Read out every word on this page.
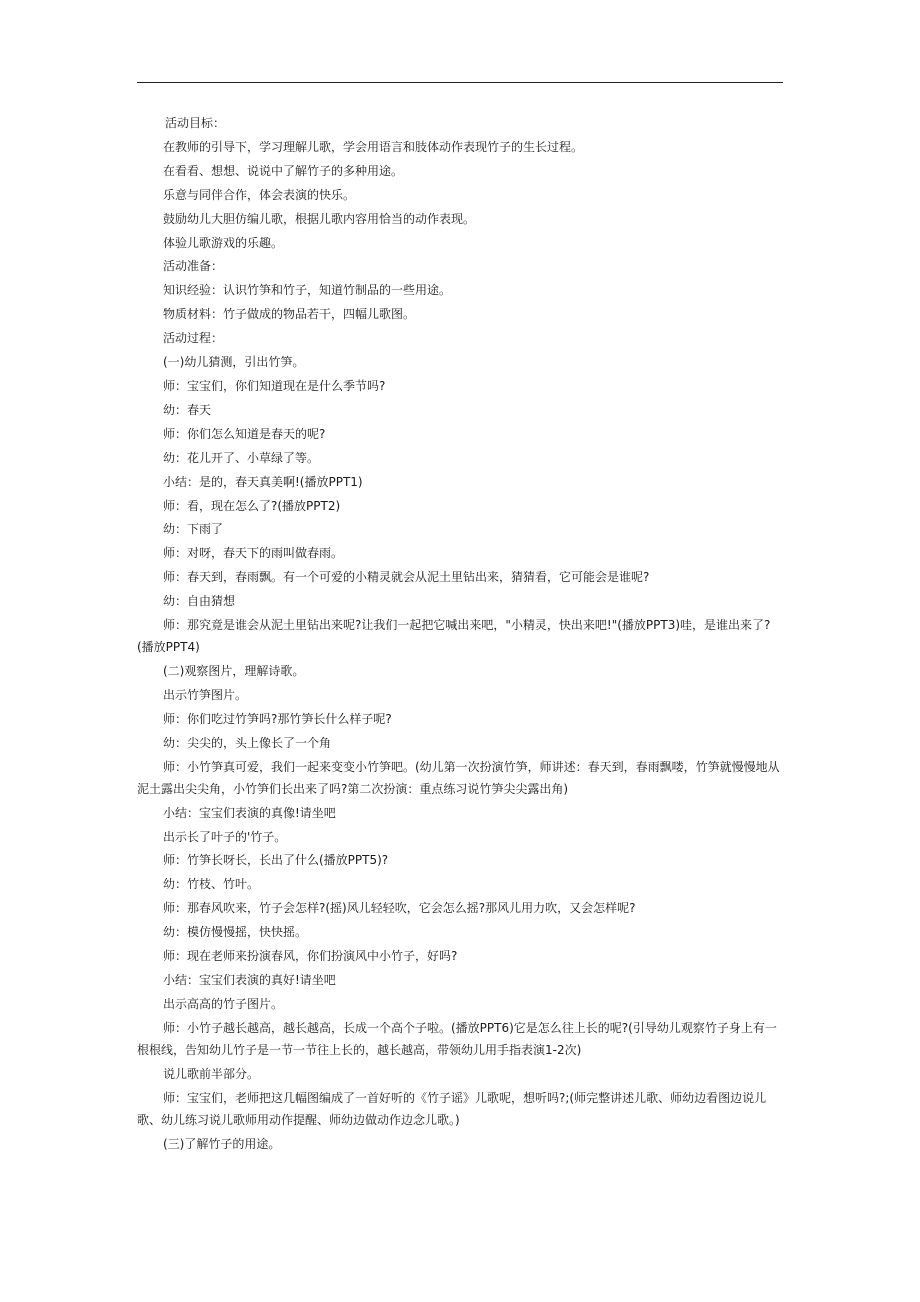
活动目标：

在教师的引导下，学习理解儿歌，学会用语言和肢体动作表现竹子的生长过程。

在看看、想想、说说中了解竹子的多种用途。

乐意与同伴合作，体会表演的快乐。

鼓励幼儿大胆仿编儿歌，根据儿歌内容用恰当的动作表现。

体验儿歌游戏的乐趣。

活动准备：

知识经验：认识竹笋和竹子，知道竹制品的一些用途。

物质材料：竹子做成的物品若干，四幅儿歌图。

活动过程：

(一)幼儿猜测，引出竹笋。

师：宝宝们，你们知道现在是什么季节吗?

幼：春天

师：你们怎么知道是春天的呢?

幼：花儿开了、小草绿了等。

小结：是的，春天真美啊!(播放PPT1)

师：看，现在怎么了?(播放PPT2)

幼：下雨了

师：对呀，春天下的雨叫做春雨。

师：春天到，春雨飘。有一个可爱的小精灵就会从泥土里钻出来，猜猜看，它可能会是谁呢?

幼：自由猜想

师：那究竟是谁会从泥土里钻出来呢?让我们一起把它喊出来吧，"小精灵，快出来吧!"(播放PPT3)哇，是谁出来了?(播放PPT4)

(二)观察图片，理解诗歌。

出示竹笋图片。

师：你们吃过竹笋吗?那竹笋长什么样子呢?

幼：尖尖的，头上像长了一个角

师：小竹笋真可爱，我们一起来变变小竹笋吧。(幼儿第一次扮演竹笋，师讲述：春天到，春雨飘喽，竹笋就慢慢地从泥土露出尖尖角，小竹笋们长出来了吗?第二次扮演：重点练习说竹笋尖尖露出角)

小结：宝宝们表演的真像!请坐吧

出示长了叶子的'竹子。

师：竹笋长呀长，长出了什么(播放PPT5)?

幼：竹枝、竹叶。

师：那春风吹来，竹子会怎样?(摇)风儿轻轻吹，它会怎么摇?那风儿用力吹，又会怎样呢?

幼：模仿慢慢摇，快快摇。

师：现在老师来扮演春风，你们扮演风中小竹子，好吗?

小结：宝宝们表演的真好!请坐吧

出示高高的竹子图片。

师：小竹子越长越高，越长越高，长成一个高个子啦。(播放PPT6)它是怎么往上长的呢?(引导幼儿观察竹子身上有一根根线，告知幼儿竹子是一节一节往上长的，越长越高，带领幼儿用手指表演1-2次)

说儿歌前半部分。

师：宝宝们，老师把这几幅图编成了一首好听的《竹子谣》儿歌呢，想听吗?;(师完整讲述儿歌、师幼边看图边说儿歌、幼儿练习说儿歌师用动作提醒、师幼边做动作边念儿歌。)

(三)了解竹子的用途。
